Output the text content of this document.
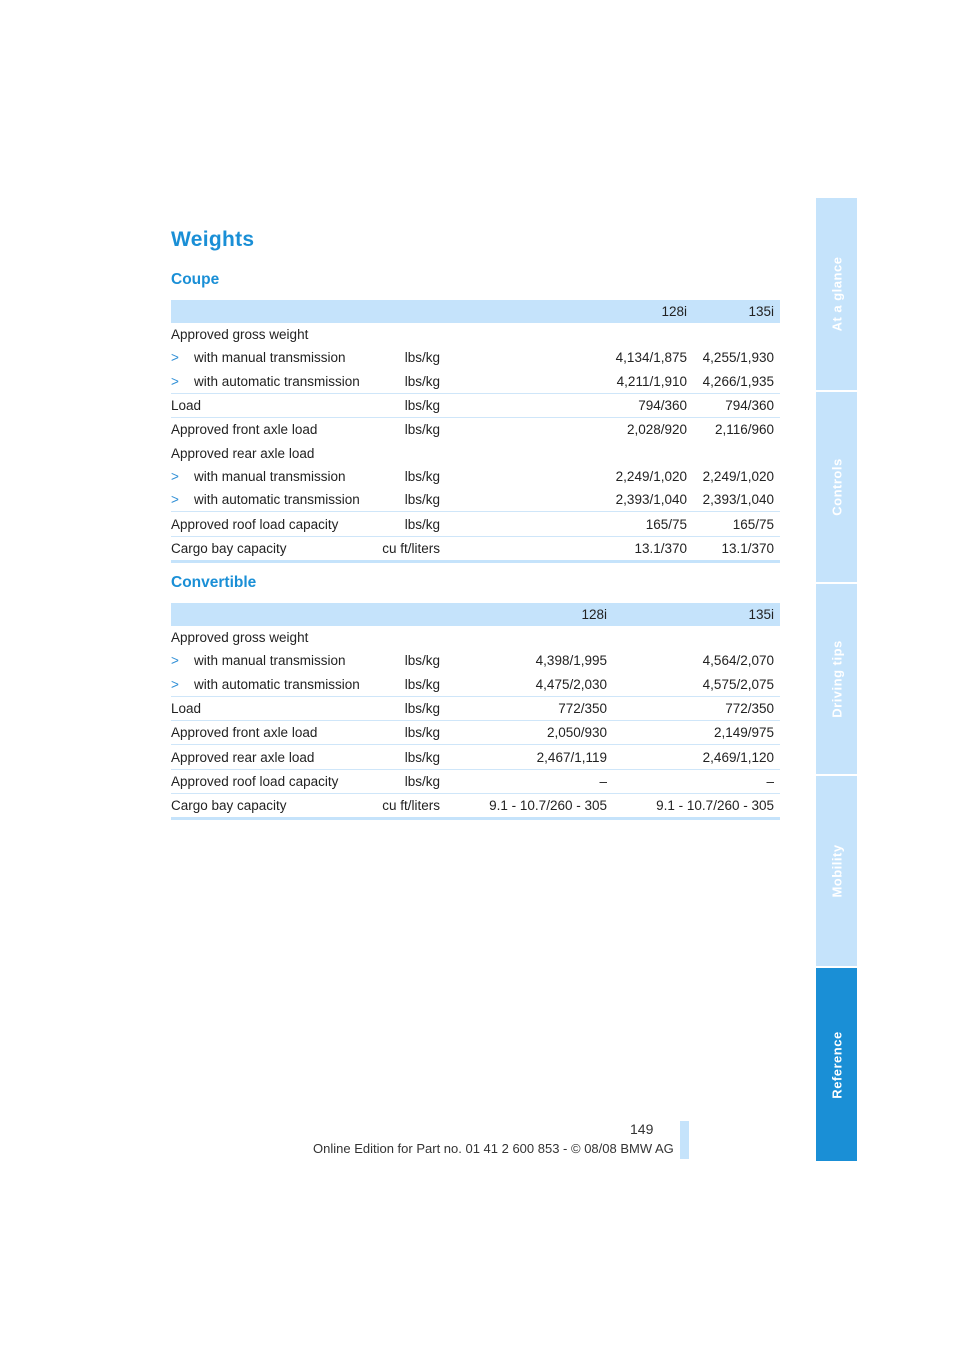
Weights
Coupe
		128i	135i
Approved gross weight			
> with manual transmission	lbs/kg	4,134/1,875	4,255/1,930
> with automatic transmission	lbs/kg	4,211/1,910	4,266/1,935
Load	lbs/kg	794/360	794/360
Approved front axle load	lbs/kg	2,028/920	2,116/960
Approved rear axle load			
> with manual transmission	lbs/kg	2,249/1,020	2,249/1,020
> with automatic transmission	lbs/kg	2,393/1,040	2,393/1,040
Approved roof load capacity	lbs/kg	165/75	165/75
Cargo bay capacity	cu ft/liters	13.1/370	13.1/370
Convertible
		128i	135i
Approved gross weight			
> with manual transmission	lbs/kg	4,398/1,995	4,564/2,070
> with automatic transmission	lbs/kg	4,475/2,030	4,575/2,075
Load	lbs/kg	772/350	772/350
Approved front axle load	lbs/kg	2,050/930	2,149/975
Approved rear axle load	lbs/kg	2,467/1,119	2,469/1,120
Approved roof load capacity	lbs/kg	–	–
Cargo bay capacity	cu ft/liters	9.1 - 10.7/260 - 305	9.1 - 10.7/260 - 305
At a glance
Controls
Driving tips
Mobility
Reference
149
Online Edition for Part no. 01 41 2 600 853 - © 08/08 BMW AG
